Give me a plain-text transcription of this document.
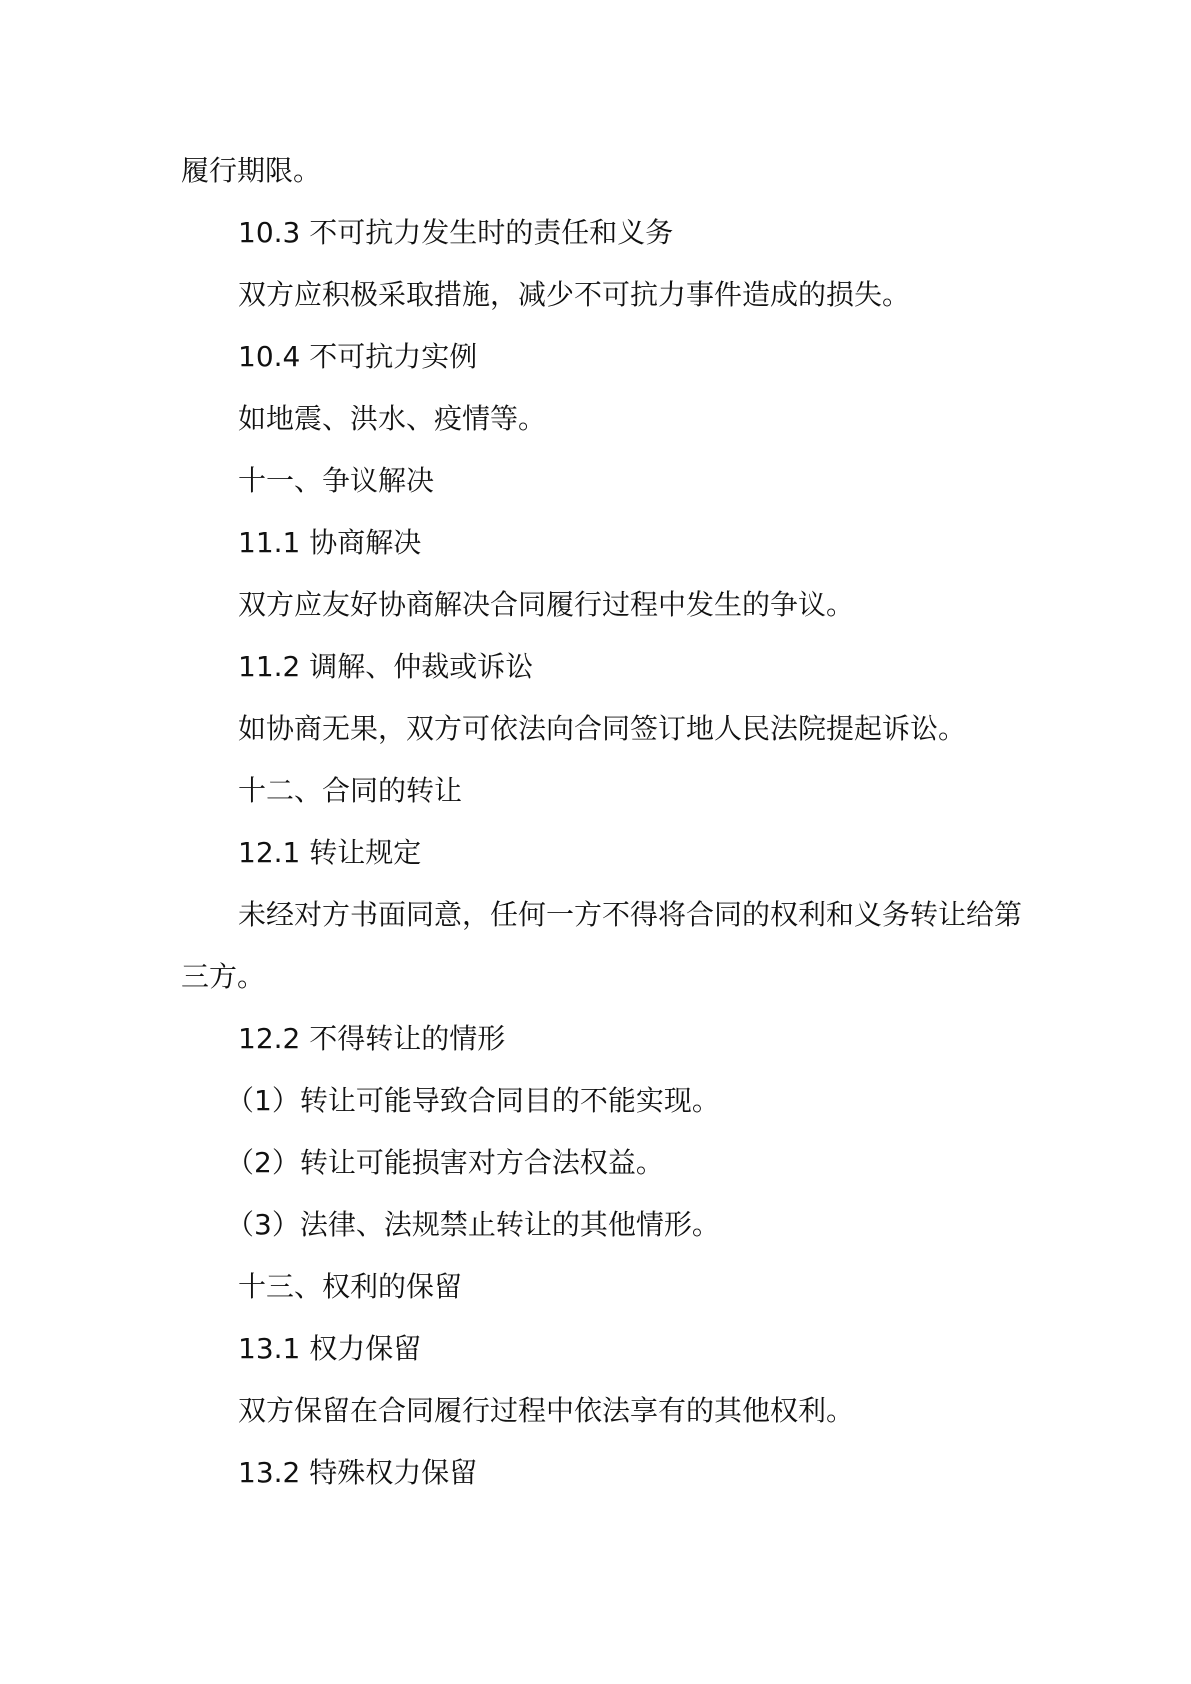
履行期限。
10.3 不可抗力发生时的责任和义务
双方应积极采取措施，减少不可抗力事件造成的损失。
10.4 不可抗力实例
如地震、洪水、疫情等。
十一、争议解决
11.1 协商解决
双方应友好协商解决合同履行过程中发生的争议。
11.2 调解、仲裁或诉讼
如协商无果，双方可依法向合同签订地人民法院提起诉讼。
十二、合同的转让
12.1 转让规定
未经对方书面同意，任何一方不得将合同的权利和义务转让给第
三方。
12.2 不得转让的情形
（1）转让可能导致合同目的不能实现。
（2）转让可能损害对方合法权益。
（3）法律、法规禁止转让的其他情形。
十三、权利的保留
13.1 权力保留
双方保留在合同履行过程中依法享有的其他权利。
13.2 特殊权力保留
